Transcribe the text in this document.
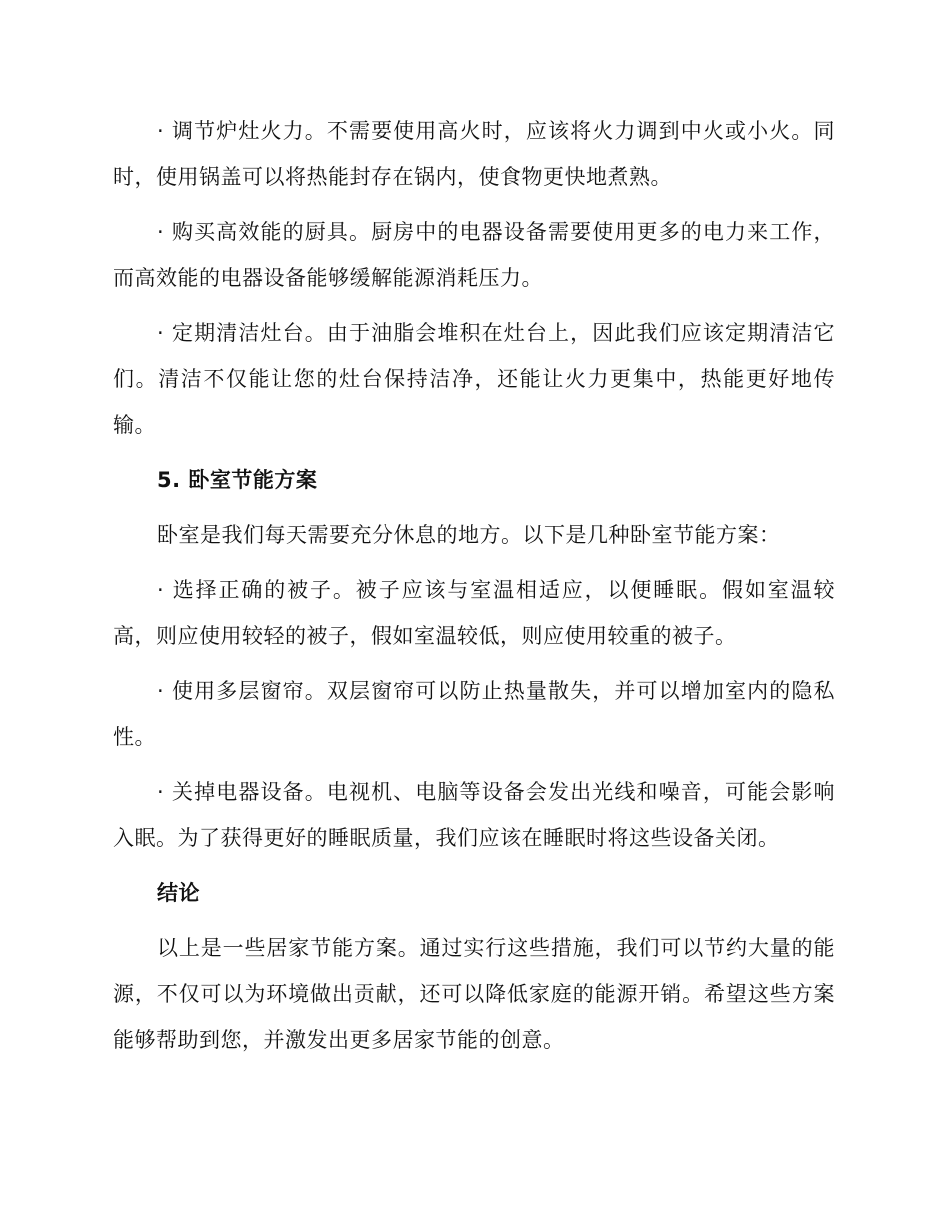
· 调节炉灶火力。不需要使用高火时，应该将火力调到中火或小火。同时，使用锅盖可以将热能封存在锅内，使食物更快地煮熟。

· 购买高效能的厨具。厨房中的电器设备需要使用更多的电力来工作，而高效能的电器设备能够缓解能源消耗压力。

· 定期清洁灶台。由于油脂会堆积在灶台上，因此我们应该定期清洁它们。清洁不仅能让您的灶台保持洁净，还能让火力更集中，热能更好地传输。

5. 卧室节能方案

卧室是我们每天需要充分休息的地方。以下是几种卧室节能方案：

· 选择正确的被子。被子应该与室温相适应，以便睡眠。假如室温较高，则应使用较轻的被子，假如室温较低，则应使用较重的被子。

· 使用多层窗帘。双层窗帘可以防止热量散失，并可以增加室内的隐私性。

· 关掉电器设备。电视机、电脑等设备会发出光线和噪音，可能会影响入眠。为了获得更好的睡眠质量，我们应该在睡眠时将这些设备关闭。

结论

以上是一些居家节能方案。通过实行这些措施，我们可以节约大量的能源，不仅可以为环境做出贡献，还可以降低家庭的能源开销。希望这些方案能够帮助到您，并激发出更多居家节能的创意。
